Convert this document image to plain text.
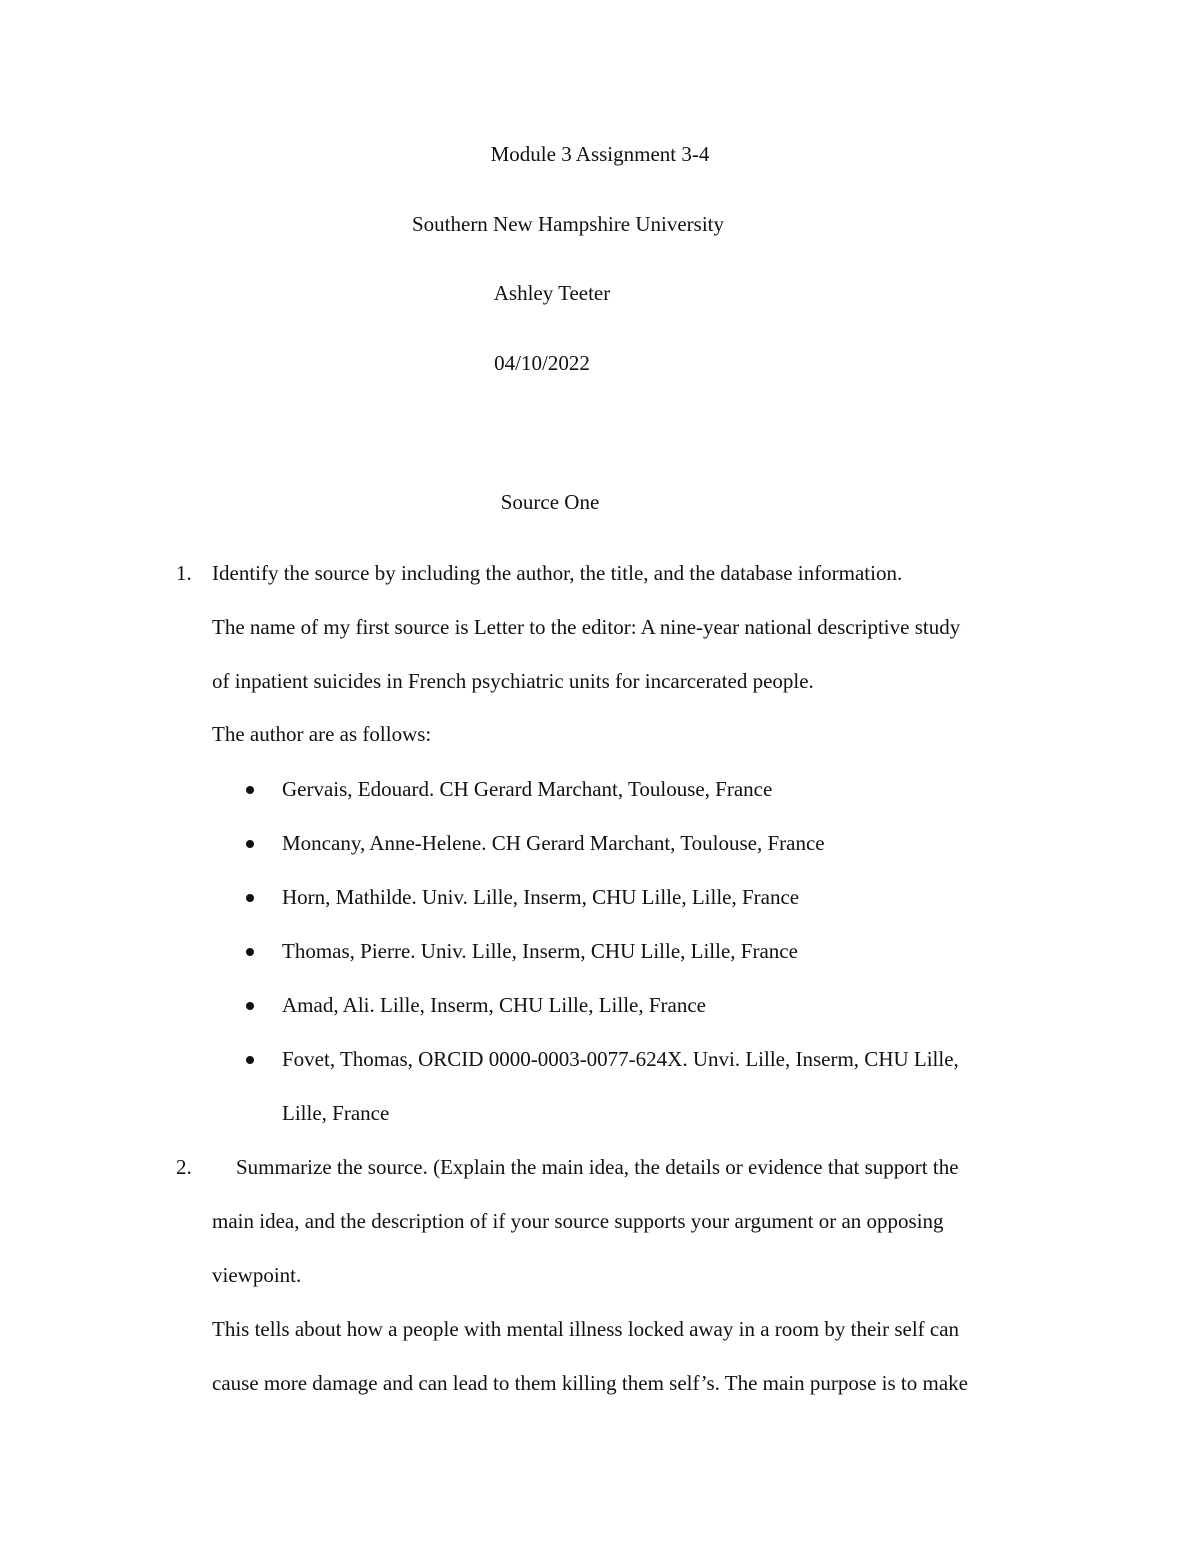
Module 3 Assignment 3-4
Southern New Hampshire University
Ashley Teeter
04/10/2022
Source One
1. Identify the source by including the author, the title, and the database information.
The name of my first source is Letter to the editor: A nine-year national descriptive study
of inpatient suicides in French psychiatric units for incarcerated people.
The author are as follows:
Gervais, Edouard. CH Gerard Marchant, Toulouse, France
Moncany, Anne-Helene. CH Gerard Marchant, Toulouse, France
Horn, Mathilde. Univ. Lille, Inserm, CHU Lille, Lille, France
Thomas, Pierre. Univ. Lille, Inserm, CHU Lille, Lille, France
Amad, Ali. Lille, Inserm, CHU Lille, Lille, France
Fovet, Thomas, ORCID 0000-0003-0077-624X. Unvi. Lille, Inserm, CHU Lille,
Lille, France
2. Summarize the source. (Explain the main idea, the details or evidence that support the
main idea, and the description of if your source supports your argument or an opposing
viewpoint.
This tells about how a people with mental illness locked away in a room by their self can
cause more damage and can lead to them killing them self’s. The main purpose is to make
